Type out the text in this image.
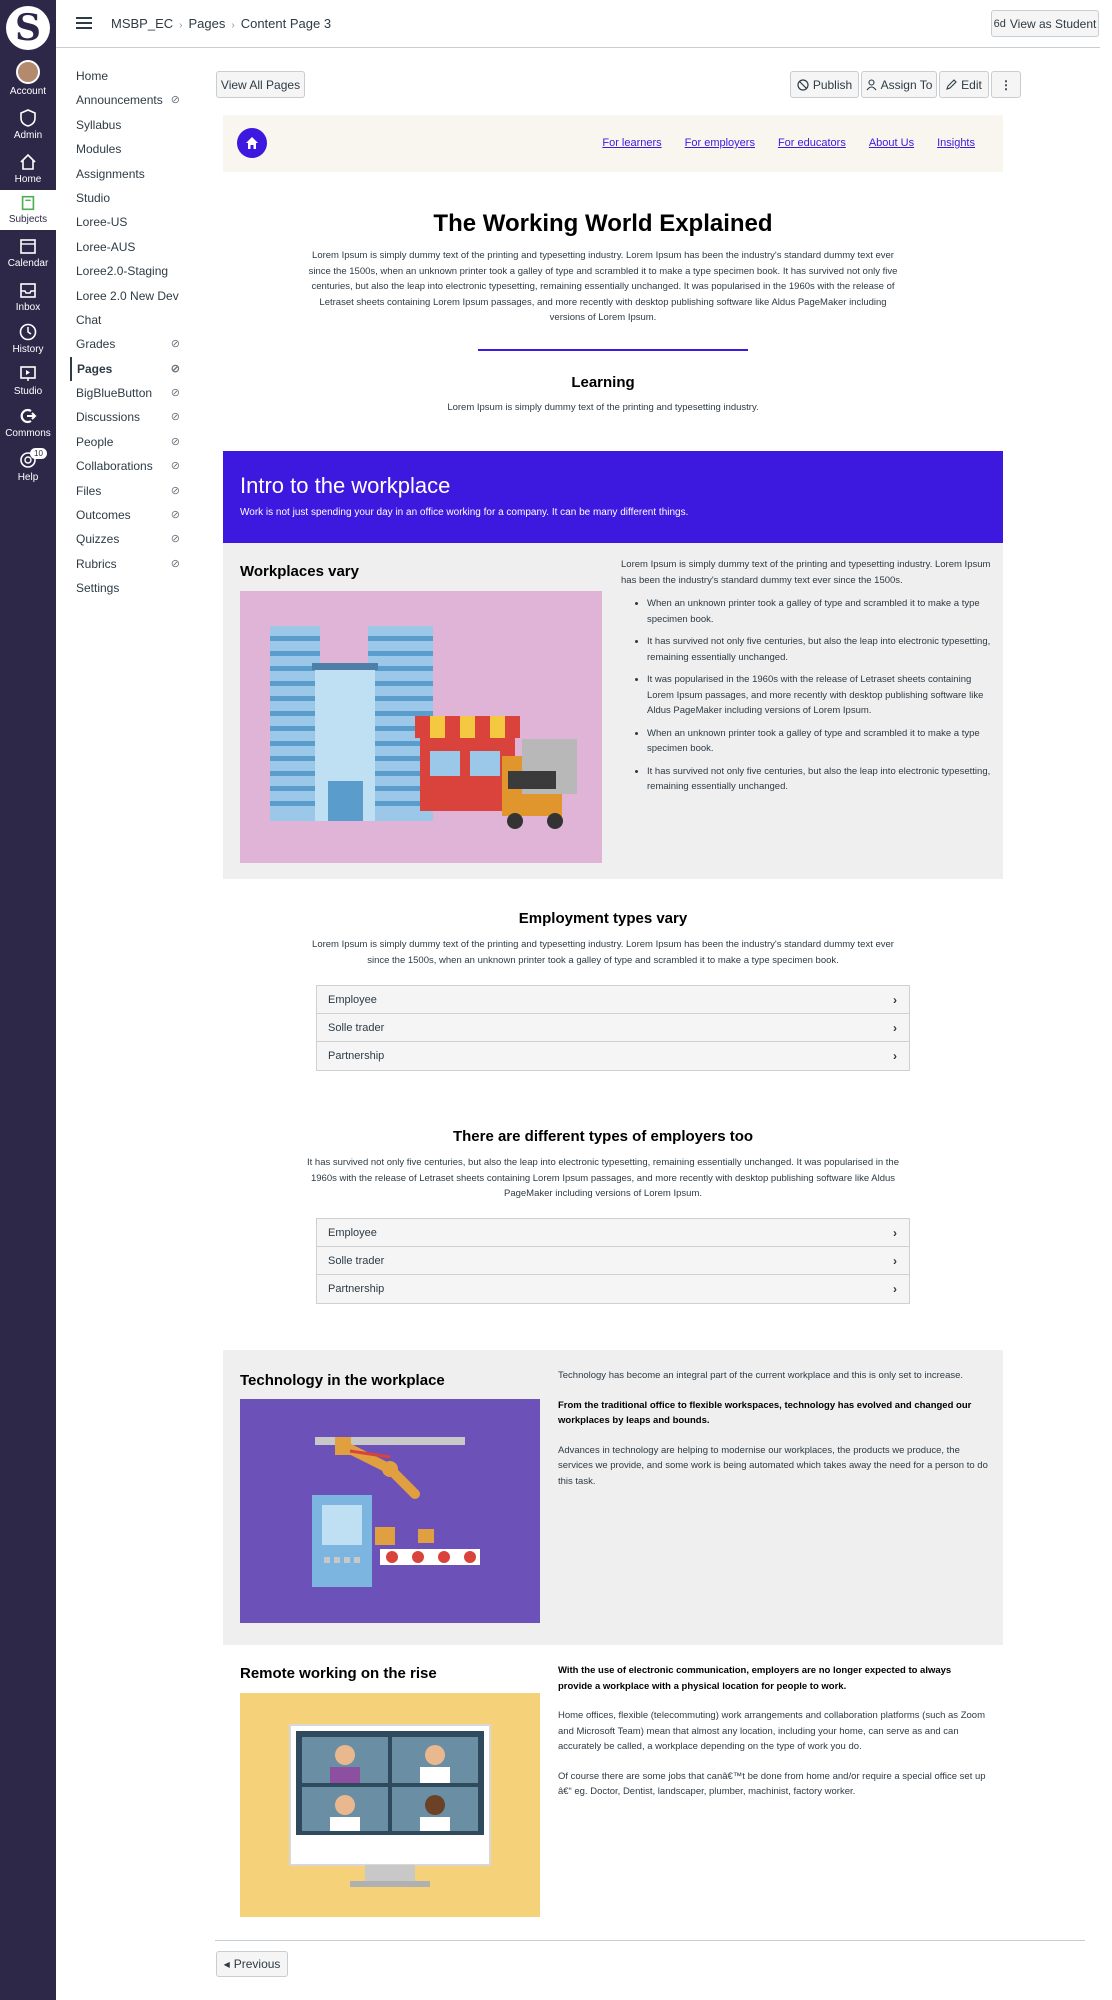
S
Account
Admin
Home
Subjects
Calendar
Inbox
History
Studio
Commons
10
Help
MSBP_EC › Pages › Content Page 3	6d View as Student
Home
Announcements ⊘
Syllabus
Modules
Assignments
Studio
Loree-US
Loree-AUS
Loree2.0-Staging
Loree 2.0 New Dev
Chat
Grades	⊘
Pages	⊘
BigBlueButton ⊘
Discussions	⊘
People	⊘
Collaborations ⊘
Files	⊘
Outcomes	⊘
Quizzes	⊘
Rubrics	⊘
Settings
View All Pages	Publish Assign To Edit	⋮
For learners For employers For educators About Us Insights
The Working World Explained

Lorem Ipsum is simply dummy text of the printing and typesetting industry. Lorem Ipsum has been the industry's standard dummy text ever since the 1500s, when an unknown printer took a galley of type and scrambled it to make a type specimen book. It has survived not only five centuries, but also the leap into electronic typesetting, remaining essentially unchanged. It was popularised in the 1960s with the release of Letraset sheets containing Lorem Ipsum passages, and more recently with desktop publishing software like Aldus PageMaker including versions of Lorem Ipsum.

Learning

Lorem Ipsum is simply dummy text of the printing and typesetting industry.

Intro to the workplace
Work is not just spending your day in an office working for a company. It can be many different things.
Workplaces vary	Lorem Ipsum is simply dummy text of the printing and typesetting industry. Lorem Ipsum has been the industry's standard dummy text ever since the 1500s.

• When an unknown printer took a galley of type and scrambled it to make a type specimen book.
• It has survived not only five centuries, but also the leap into electronic typesetting, remaining essentially unchanged.
• It was popularised in the 1960s with the release of Letraset sheets containing Lorem Ipsum passages, and more recently with desktop publishing software like Aldus PageMaker including versions of Lorem Ipsum.
• When an unknown printer took a galley of type and scrambled it to make a type specimen book.
• It has survived not only five centuries, but also the leap into electronic typesetting, remaining essentially unchanged.
Employment types vary

Lorem Ipsum is simply dummy text of the printing and typesetting industry. Lorem Ipsum has been the industry's standard dummy text ever since the 1500s, when an unknown printer took a galley of type and scrambled it to make a type specimen book.

Employee	›
Solle trader	›
Partnership	›
There are different types of employers too

It has survived not only five centuries, but also the leap into electronic typesetting, remaining essentially unchanged. It was popularised in the 1960s with the release of Letraset sheets containing Lorem Ipsum passages, and more recently with desktop publishing software like Aldus PageMaker including versions of Lorem Ipsum.

Employee	›
Solle trader	›
Partnership	›
Technology in the workplace	Technology has become an integral part of the current workplace and this is only set to increase.

From the traditional office to flexible workspaces, technology has evolved and changed our workplaces by leaps and bounds.

Advances in technology are helping to modernise our workplaces, the products we produce, the services we provide, and some work is being automated which takes away the need for a person to do this task.

Remote working on the rise	With the use of electronic communication, employers are no longer expected to always provide a workplace with a physical location for people to work.

Home offices, flexible (telecommuting) work arrangements and collaboration platforms (such as Zoom and Microsoft Team) mean that almost any location, including your home, can serve as and can accurately be called, a workplace depending on the type of work you do.

Of course there are some jobs that canâ€™t be done from home and/or require a special office set up â€“ eg. Doctor, Dentist, landscaper, plumber, machinist, factory worker.

◀ Previous
